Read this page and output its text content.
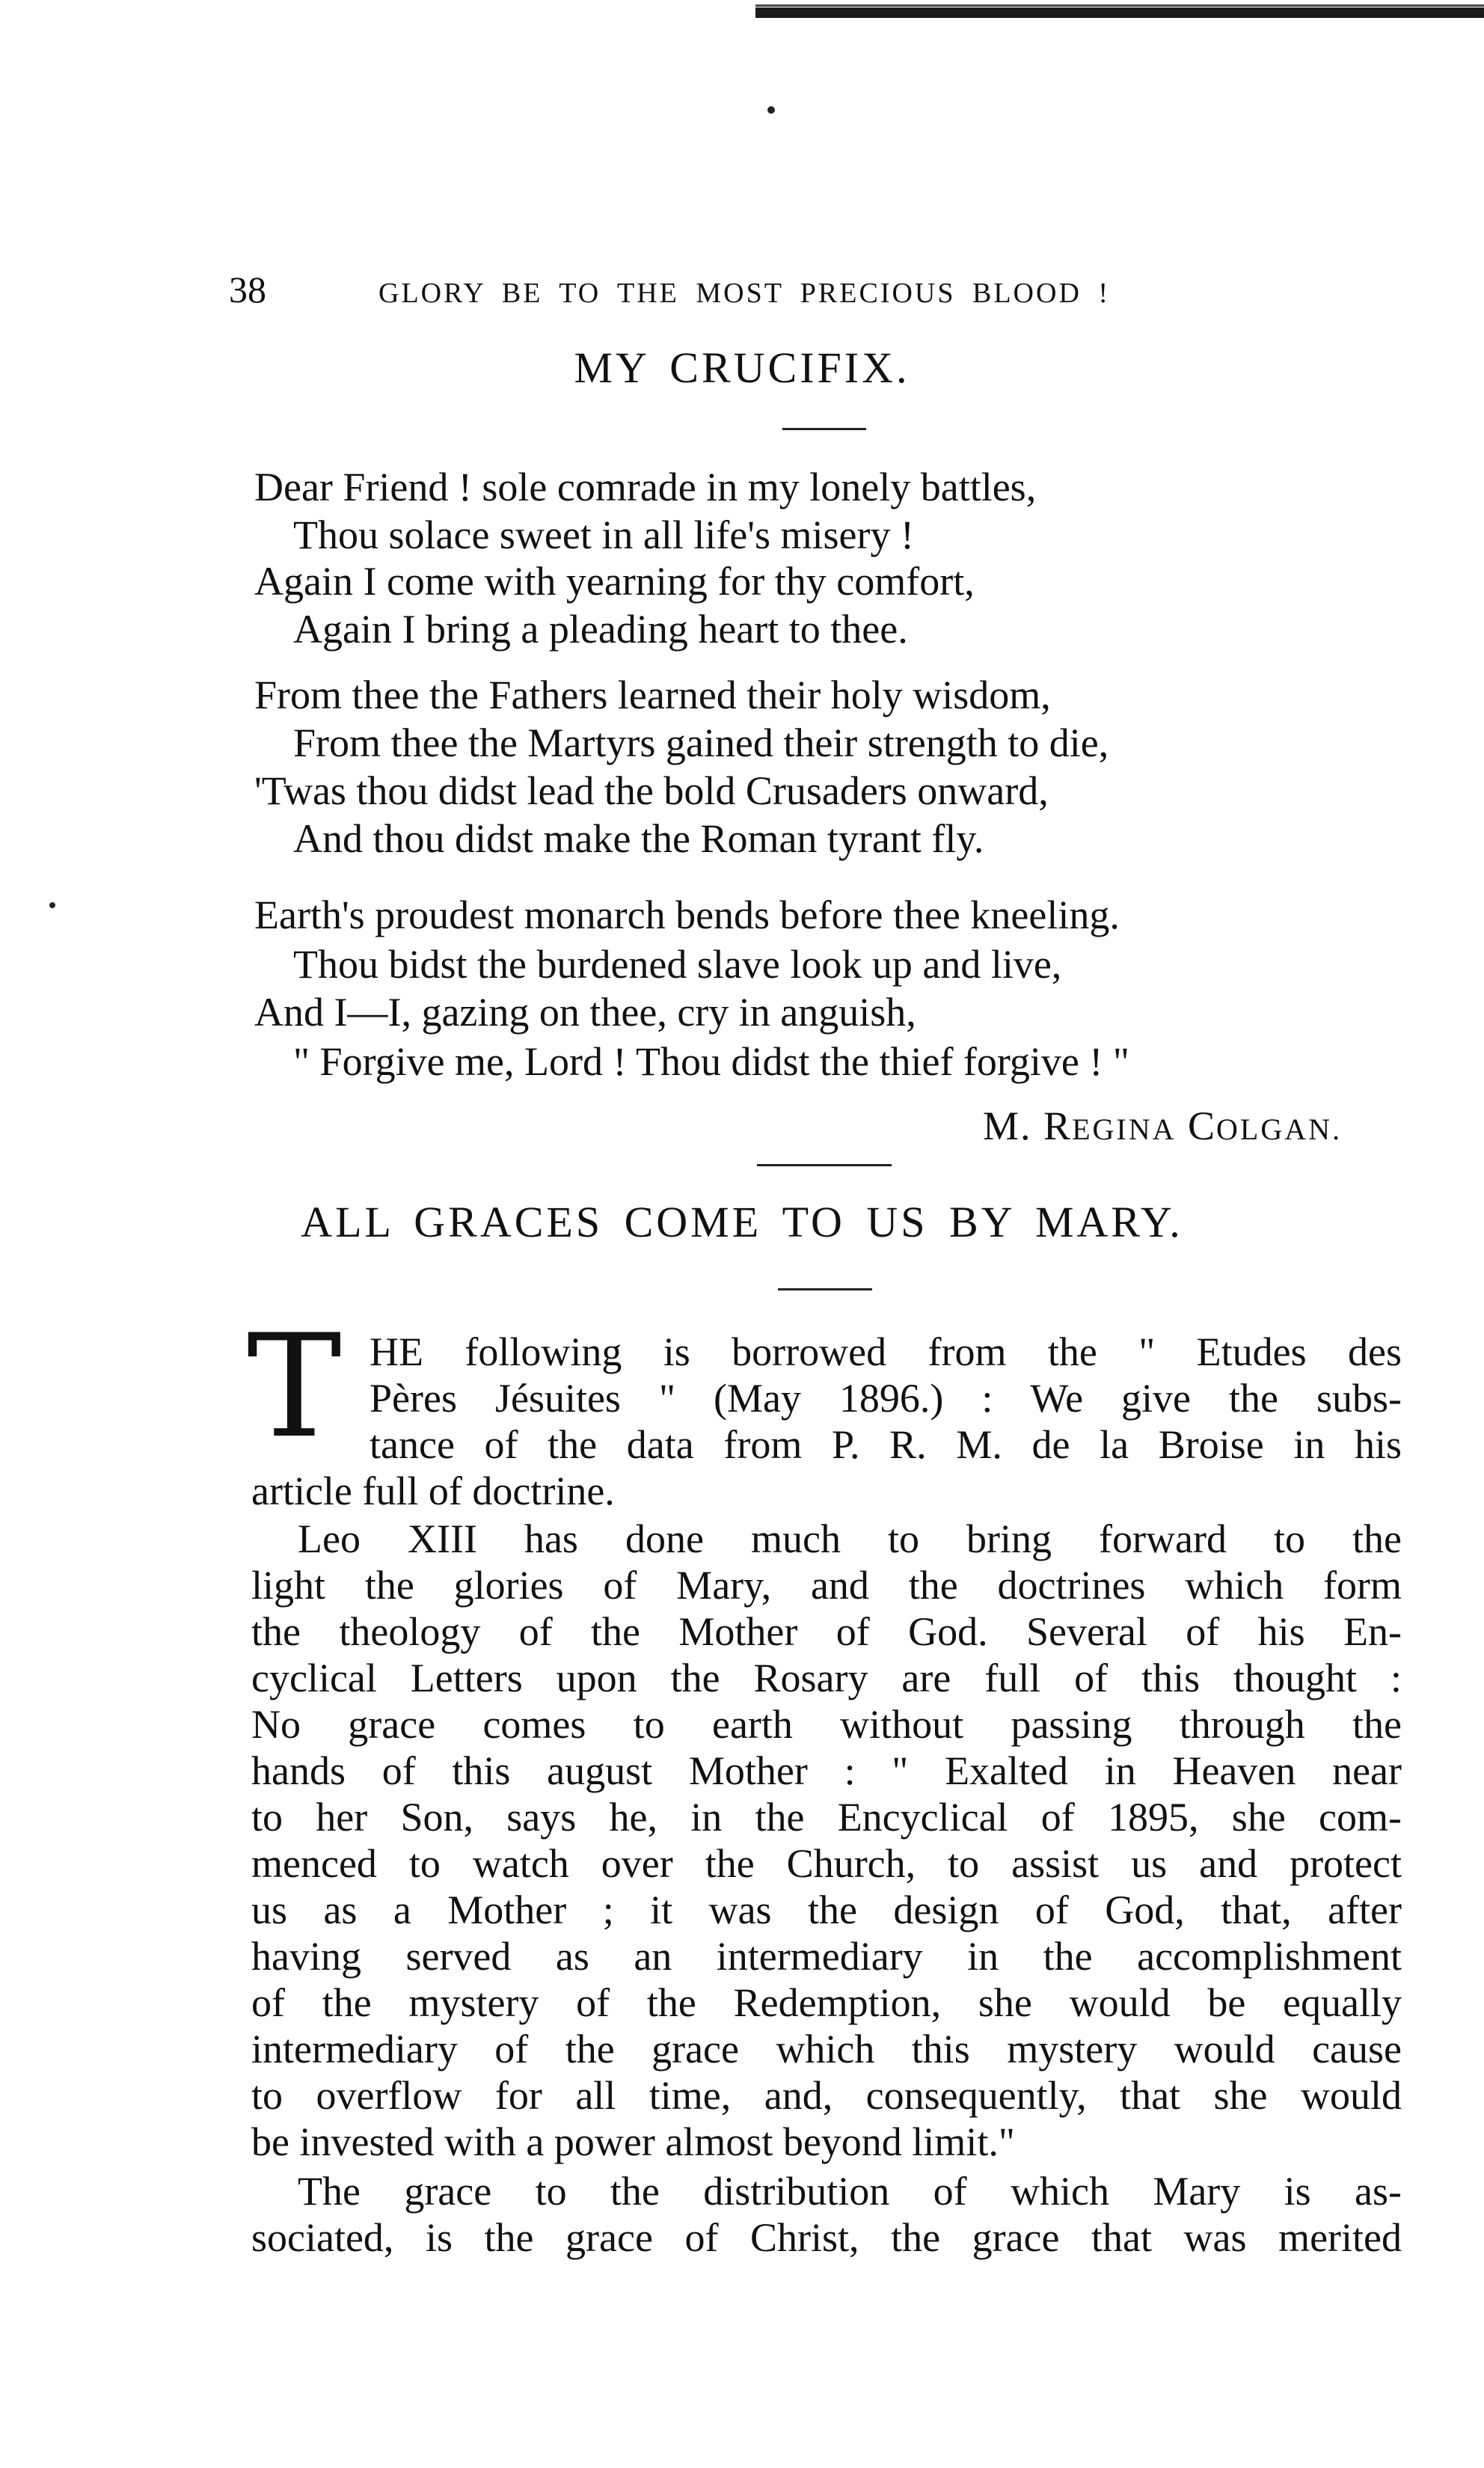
38	GLORY BE TO THE MOST PRECIOUS BLOOD !
MY CRUCIFIX.
Dear Friend ! sole comrade in my lonely battles,
Thou solace sweet in all life's misery !
Again I come with yearning for thy comfort,
Again I bring a pleading heart to thee.
From thee the Fathers learned their holy wisdom,
From thee the Martyrs gained their strength to die,
'Twas thou didst lead the bold Crusaders onward,
And thou didst make the Roman tyrant fly.
Earth's proudest monarch bends before thee kneeling.
Thou bidst the burdened slave look up and live,
And I—I, gazing on thee, cry in anguish,
" Forgive me, Lord ! Thou didst the thief forgive ! "
M. REGINA COLGAN.
ALL GRACES COME TO US BY MARY.
T HE following is borrowed from the " Etudes des
Pères Jésuites " (May 1896.) : We give the subs-
tance of the data from P. R. M. de la Broise in his
article full of doctrine.
Leo XIII has done much to bring forward to the
light the glories of Mary, and the doctrines which form
the theology of the Mother of God. Several of his En-
cyclical Letters upon the Rosary are full of this thought :
No grace comes to earth without passing through the
hands of this august Mother : " Exalted in Heaven near
to her Son, says he, in the Encyclical of 1895, she com-
menced to watch over the Church, to assist us and protect
us as a Mother ; it was the design of God, that, after
having served as an intermediary in the accomplishment
of the mystery of the Redemption, she would be equally
intermediary of the grace which this mystery would cause
to overflow for all time, and, consequently, that she would
be invested with a power almost beyond limit."
The grace to the distribution of which Mary is as-
sociated, is the grace of Christ, the grace that was merited
